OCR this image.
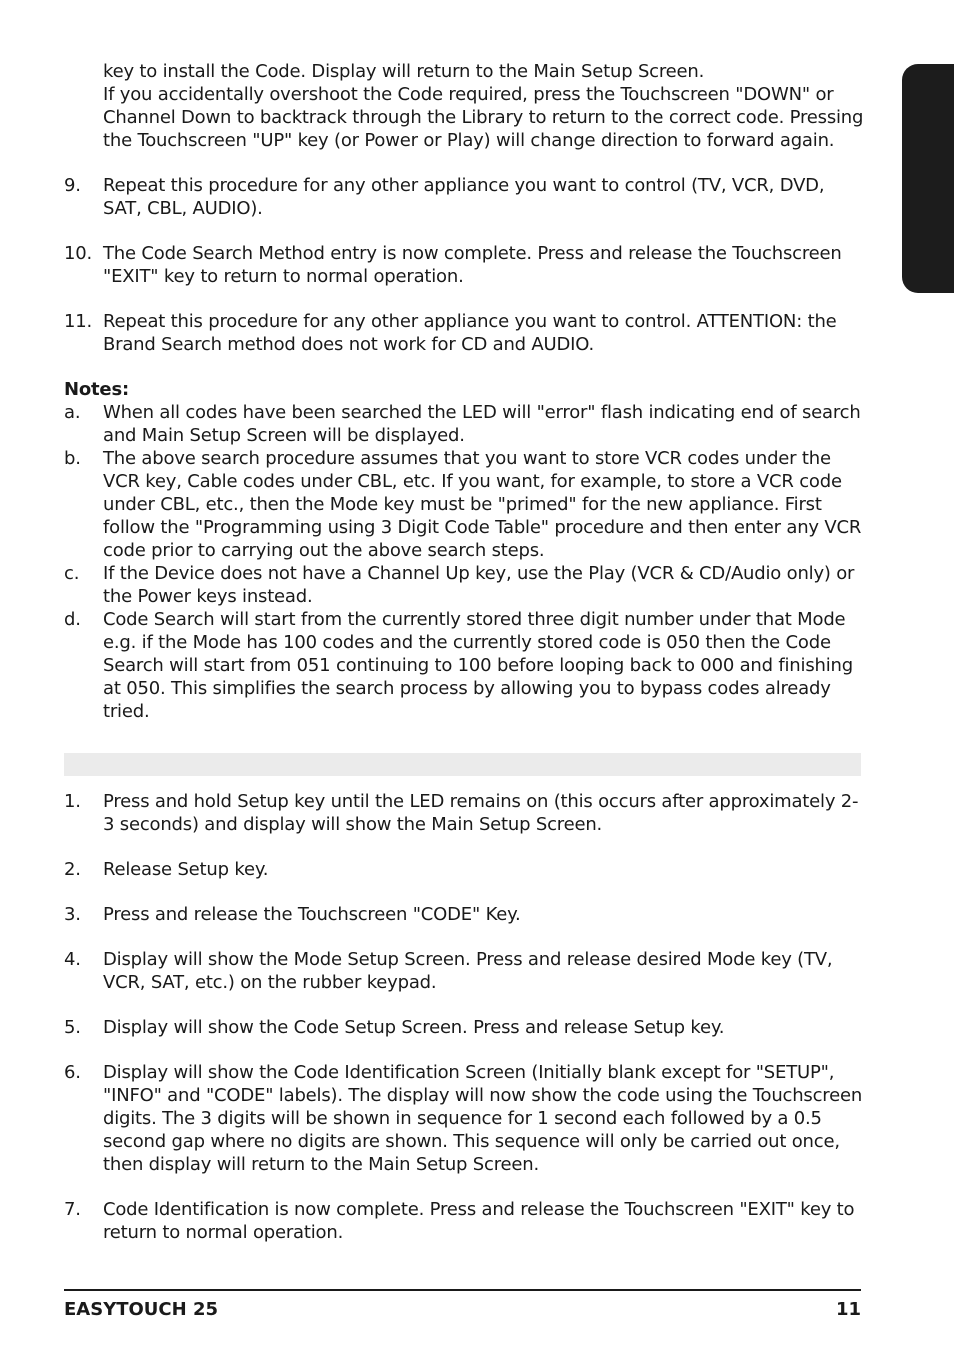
key to install the Code. Display will return to the Main Setup Screen.
If you accidentally overshoot the Code required, press the Touchscreen "DOWN" or Channel Down to backtrack through the Library to return to the correct code. Pressing the Touchscreen "UP" key (or Power or Play) will change direction to forward again.
9.	Repeat this procedure for any other appliance you want to control (TV, VCR, DVD, SAT, CBL, AUDIO).
10. The Code Search Method entry is now complete. Press and release the Touchscreen "EXIT" key to return to normal operation.
11. Repeat this procedure for any other appliance you want to control. ATTENTION: the Brand Search method does not work for CD and AUDIO.
Notes:
a.	When all codes have been searched the LED will "error" flash indicating end of search and Main Setup Screen will be displayed.
b.	The above search procedure assumes that you want to store VCR codes under the VCR key, Cable codes under CBL, etc. If you want, for example, to store a VCR code under CBL, etc., then the Mode key must be "primed" for the new appliance. First follow the "Programming using 3 Digit Code Table" procedure and then enter any VCR code prior to carrying out the above search steps.
c.	If the Device does not have a Channel Up key, use the Play (VCR & CD/Audio only) or the Power keys instead.
d.	Code Search will start from the currently stored three digit number under that Mode e.g. if the Mode has 100 codes and the currently stored code is 050 then the Code Search will start from 051 continuing to 100 before looping back to 000 and finishing at 050. This simplifies the search process by allowing you to bypass codes already tried.
1.	Press and hold Setup key until the LED remains on (this occurs after approximately 2-3 seconds) and display will show the Main Setup Screen.
2.	Release Setup key.
3.	Press and release the Touchscreen "CODE" Key.
4.	Display will show the Mode Setup Screen. Press and release desired Mode key (TV, VCR, SAT, etc.) on the rubber keypad.
5.	Display will show the Code Setup Screen. Press and release Setup key.
6.	Display will show the Code Identification Screen (Initially blank except for "SETUP", "INFO" and "CODE" labels). The display will now show the code using the Touchscreen digits. The 3 digits will be shown in sequence for 1 second each followed by a 0.5 second gap where no digits are shown. This sequence will only be carried out once, then display will return to the Main Setup Screen.
7.	Code Identification is now complete. Press and release the Touchscreen "EXIT" key to return to normal operation.
EASYTOUCH 25	11
